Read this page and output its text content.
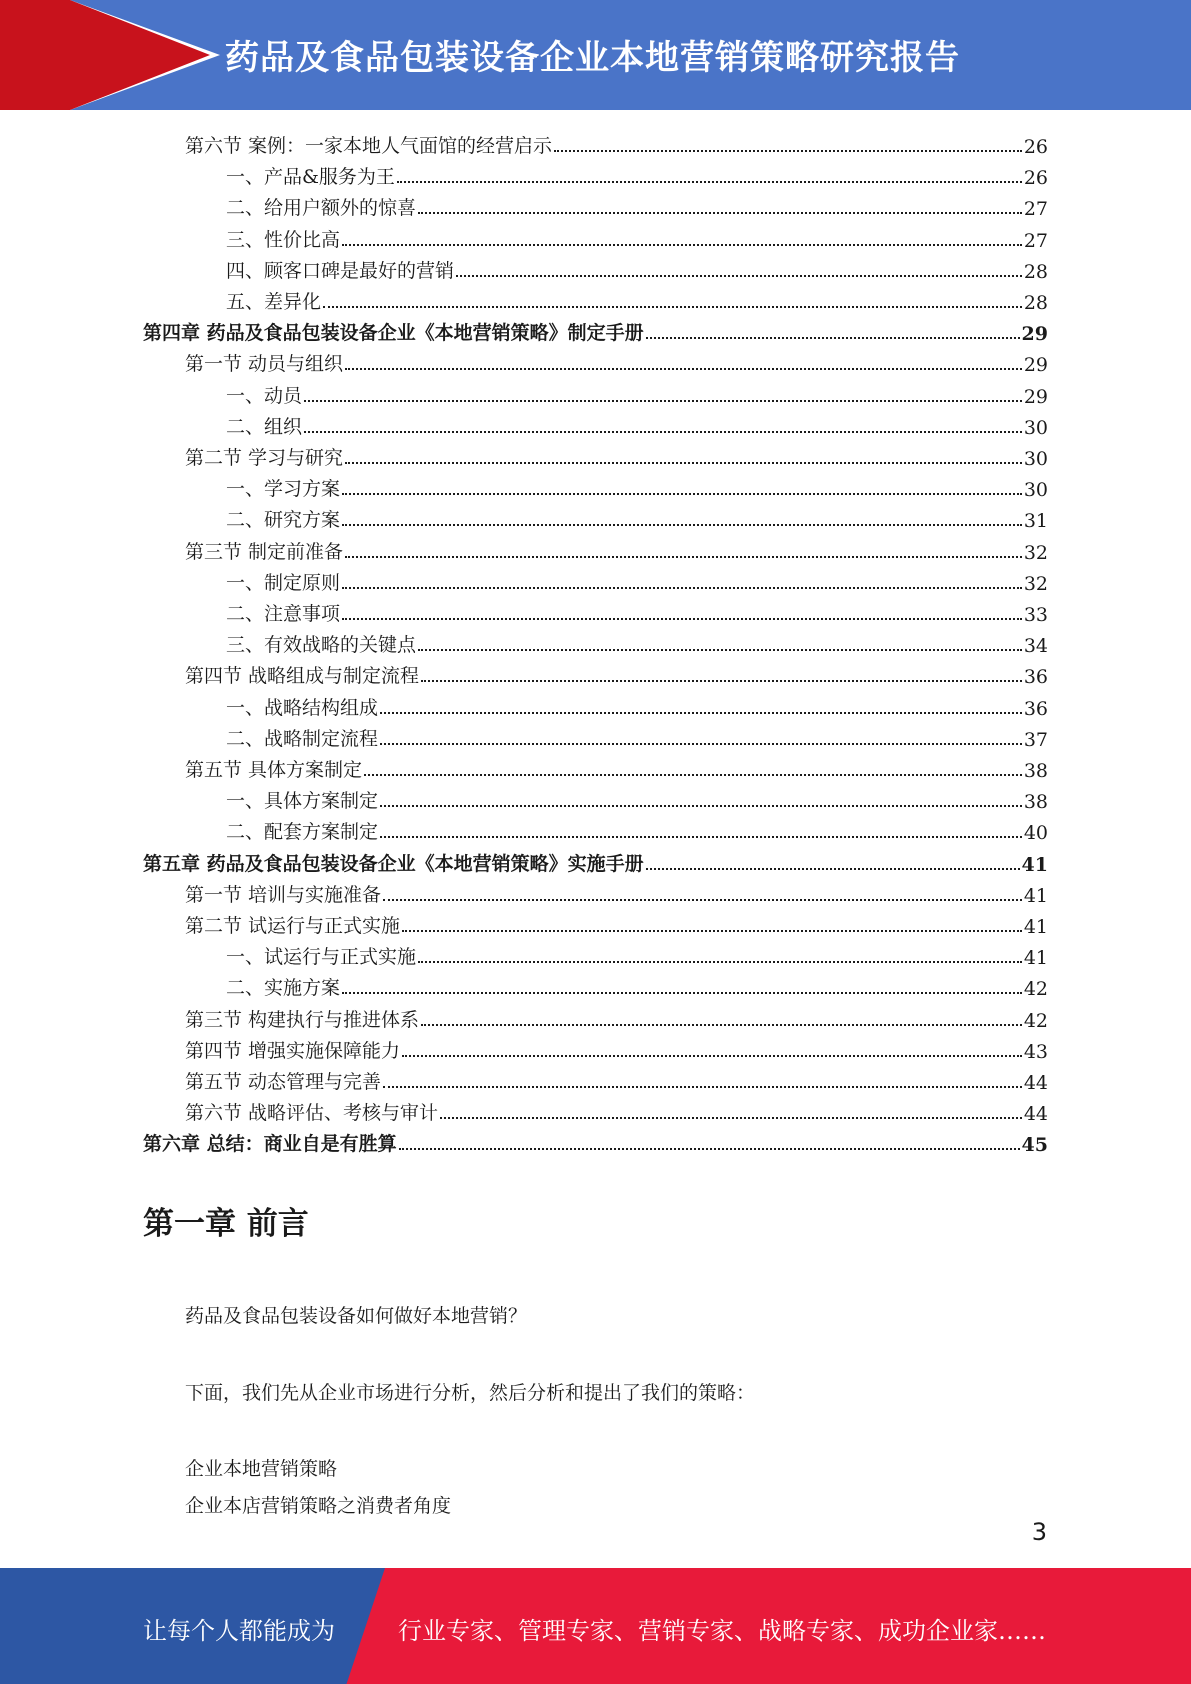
药品及食品包装设备企业本地营销策略研究报告
第六节 案例：一家本地人气面馆的经营启示	26
一、产品&服务为王	26
二、给用户额外的惊喜	27
三、性价比高	27
四、顾客口碑是最好的营销	28
五、差异化	28
第四章 药品及食品包装设备企业《本地营销策略》制定手册	29
第一节 动员与组织	29
一、动员	29
二、组织	30
第二节 学习与研究	30
一、学习方案	30
二、研究方案	31
第三节 制定前准备	32
一、制定原则	32
二、注意事项	33
三、有效战略的关键点	34
第四节 战略组成与制定流程	36
一、战略结构组成	36
二、战略制定流程	37
第五节 具体方案制定	38
一、具体方案制定	38
二、配套方案制定	40
第五章 药品及食品包装设备企业《本地营销策略》实施手册	41
第一节 培训与实施准备	41
第二节 试运行与正式实施	41
一、试运行与正式实施	41
二、实施方案	42
第三节 构建执行与推进体系	42
第四节 增强实施保障能力	43
第五节 动态管理与完善	44
第六节 战略评估、考核与审计	44
第六章 总结：商业自是有胜算	45
第一章 前言
药品及食品包装设备如何做好本地营销？
下面，我们先从企业市场进行分析，然后分析和提出了我们的策略：
企业本地营销策略
企业本店营销策略之消费者角度
3
让每个人都能成为	行业专家、管理专家、营销专家、战略专家、成功企业家……
